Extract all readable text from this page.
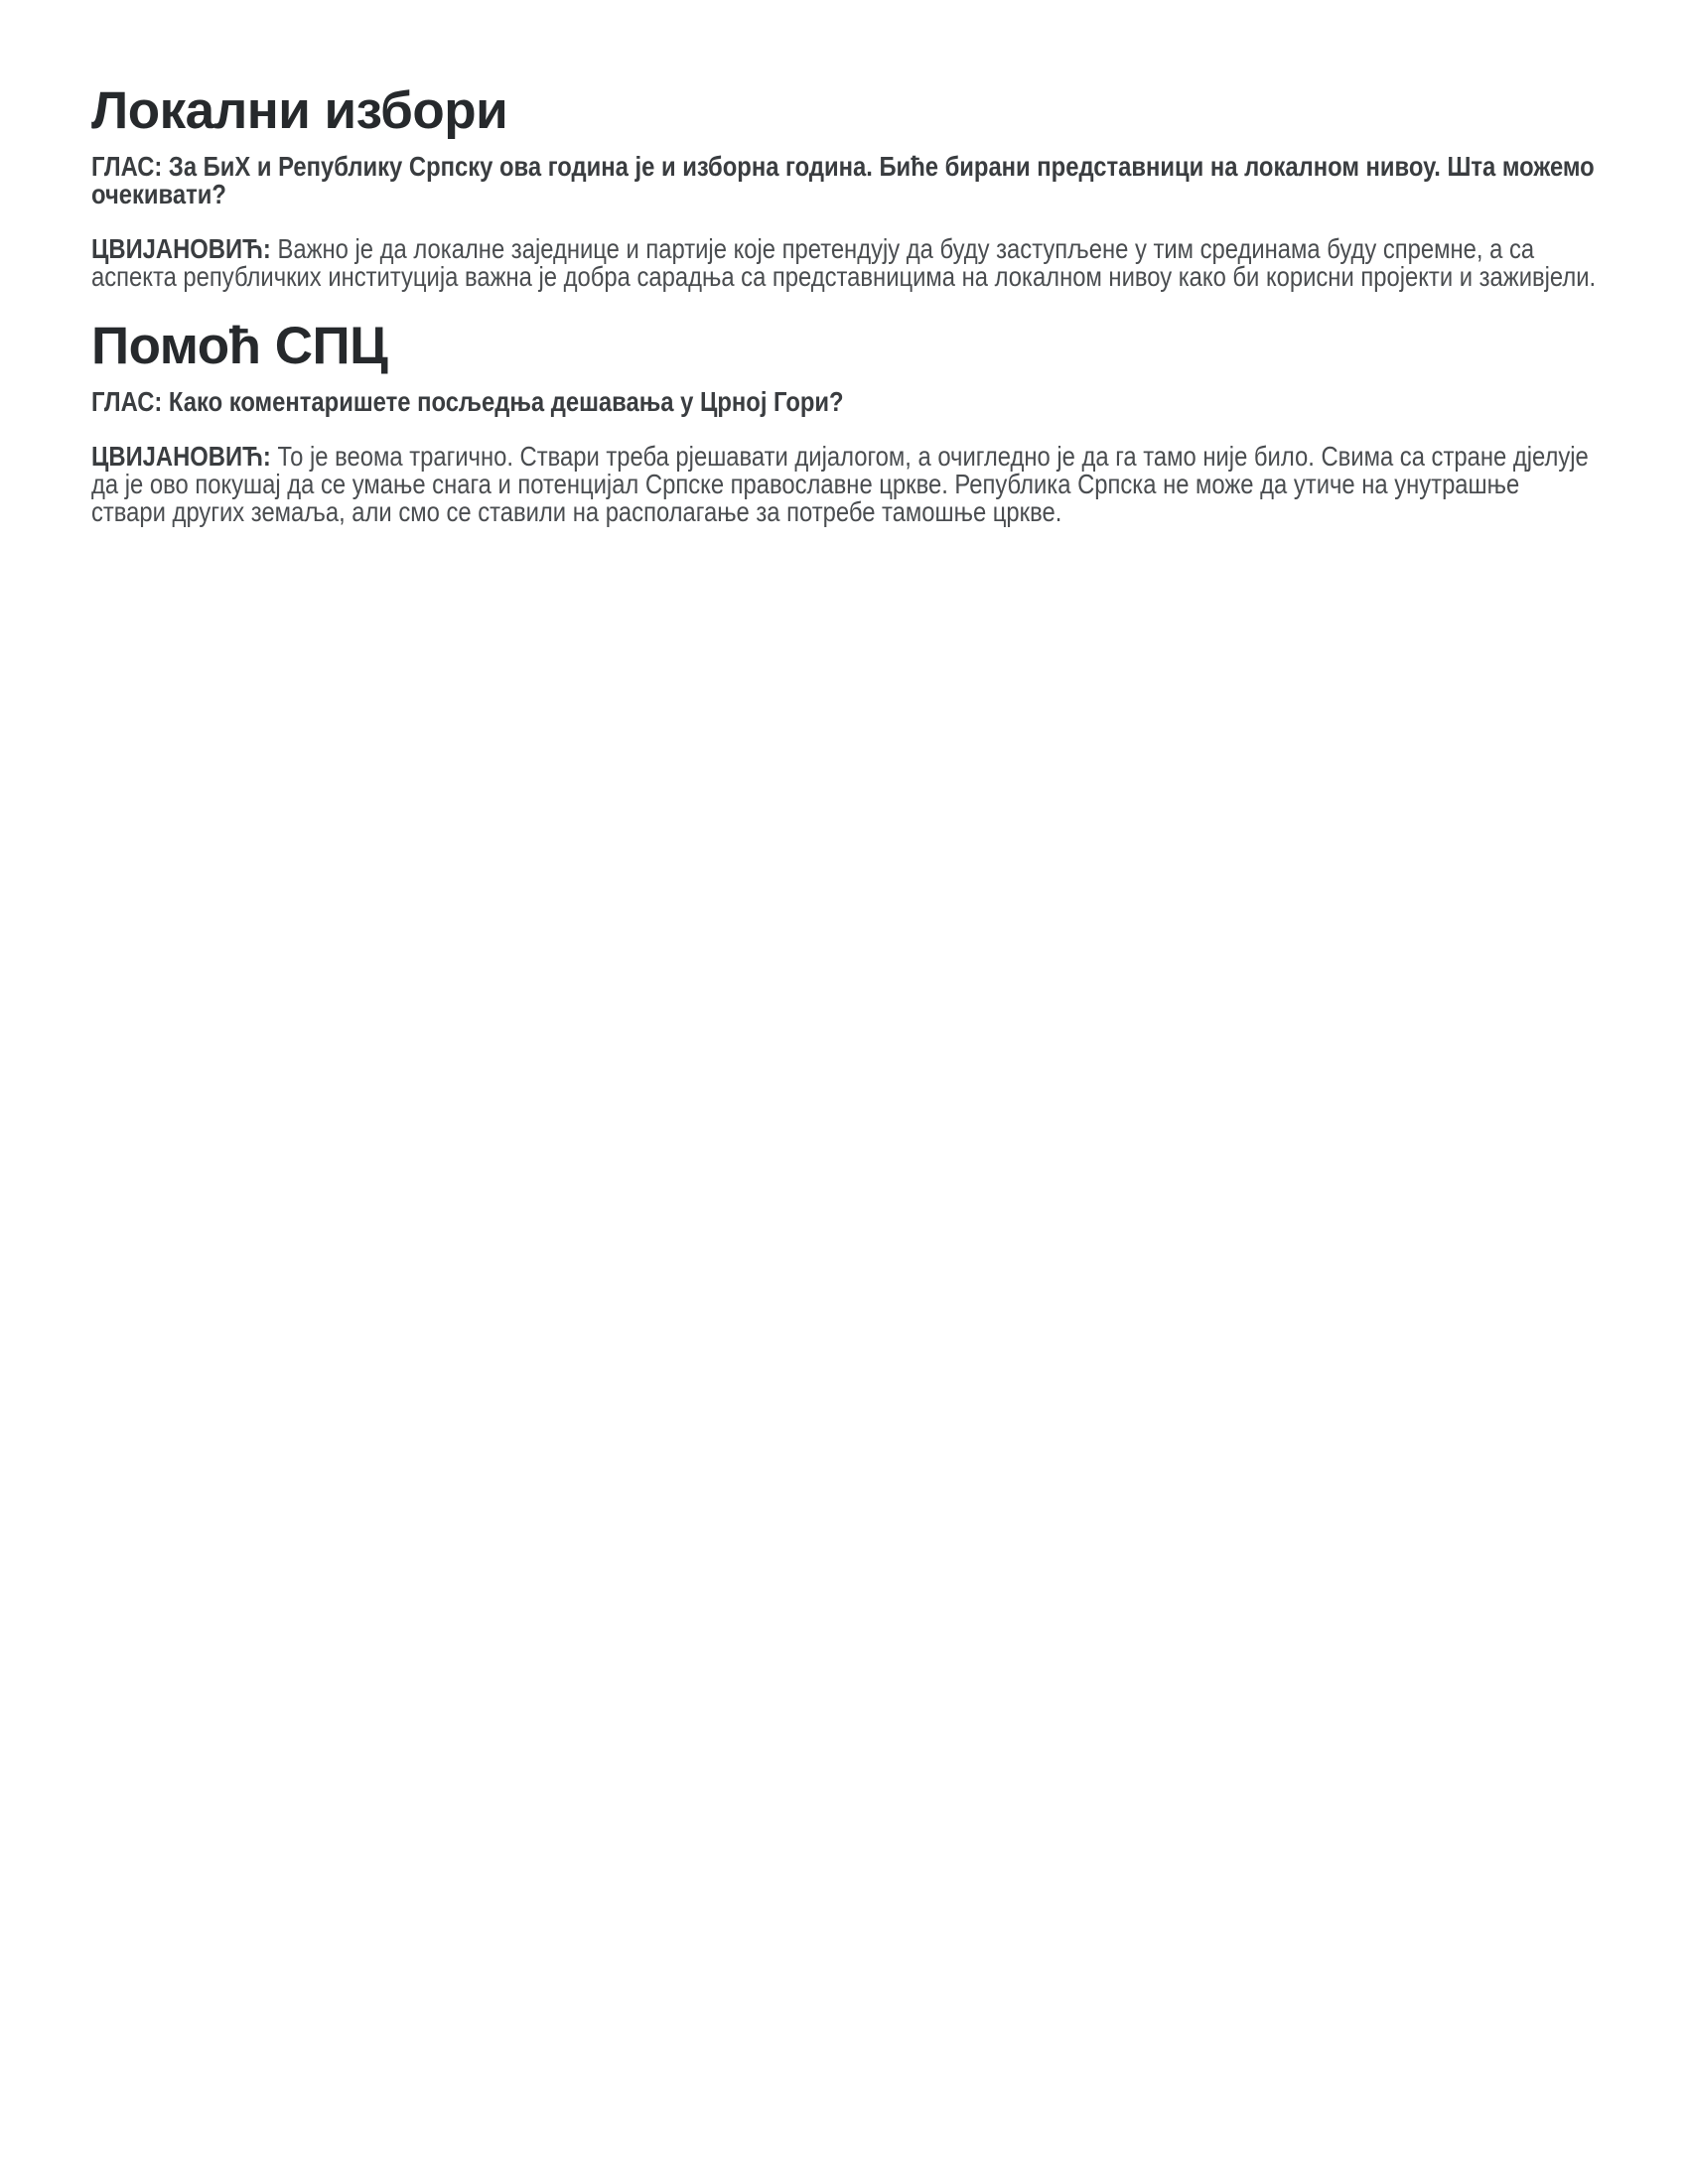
Локални избори

ГЛАС: За БиХ и Републику Српску ова година је и изборна година. Биће бирани представници на локалном нивоу. Шта можемо очекивати?

ЦВИЈАНОВИЋ: Важно је да локалне заједнице и партије које претендују да буду заступљене у тим срединама буду спремне, а са аспекта републичких институција важна је добра сарадња са представницима на локалном нивоу како би корисни пројекти и заживјели.

Помоћ СПЦ

ГЛАС: Како коментаришете посљедња дешавања у Црној Гори?

ЦВИЈАНОВИЋ: То је веома трагично. Ствари треба рјешавати дијалогом, а очигледно је да га тамо није било. Свима са стране дјелује да је ово покушај да се умање снага и потенцијал Српске православне цркве. Република Српска не може да утиче на унутрашње ствари других земаља, али смо се ставили на располагање за потребе тамошње цркве.
